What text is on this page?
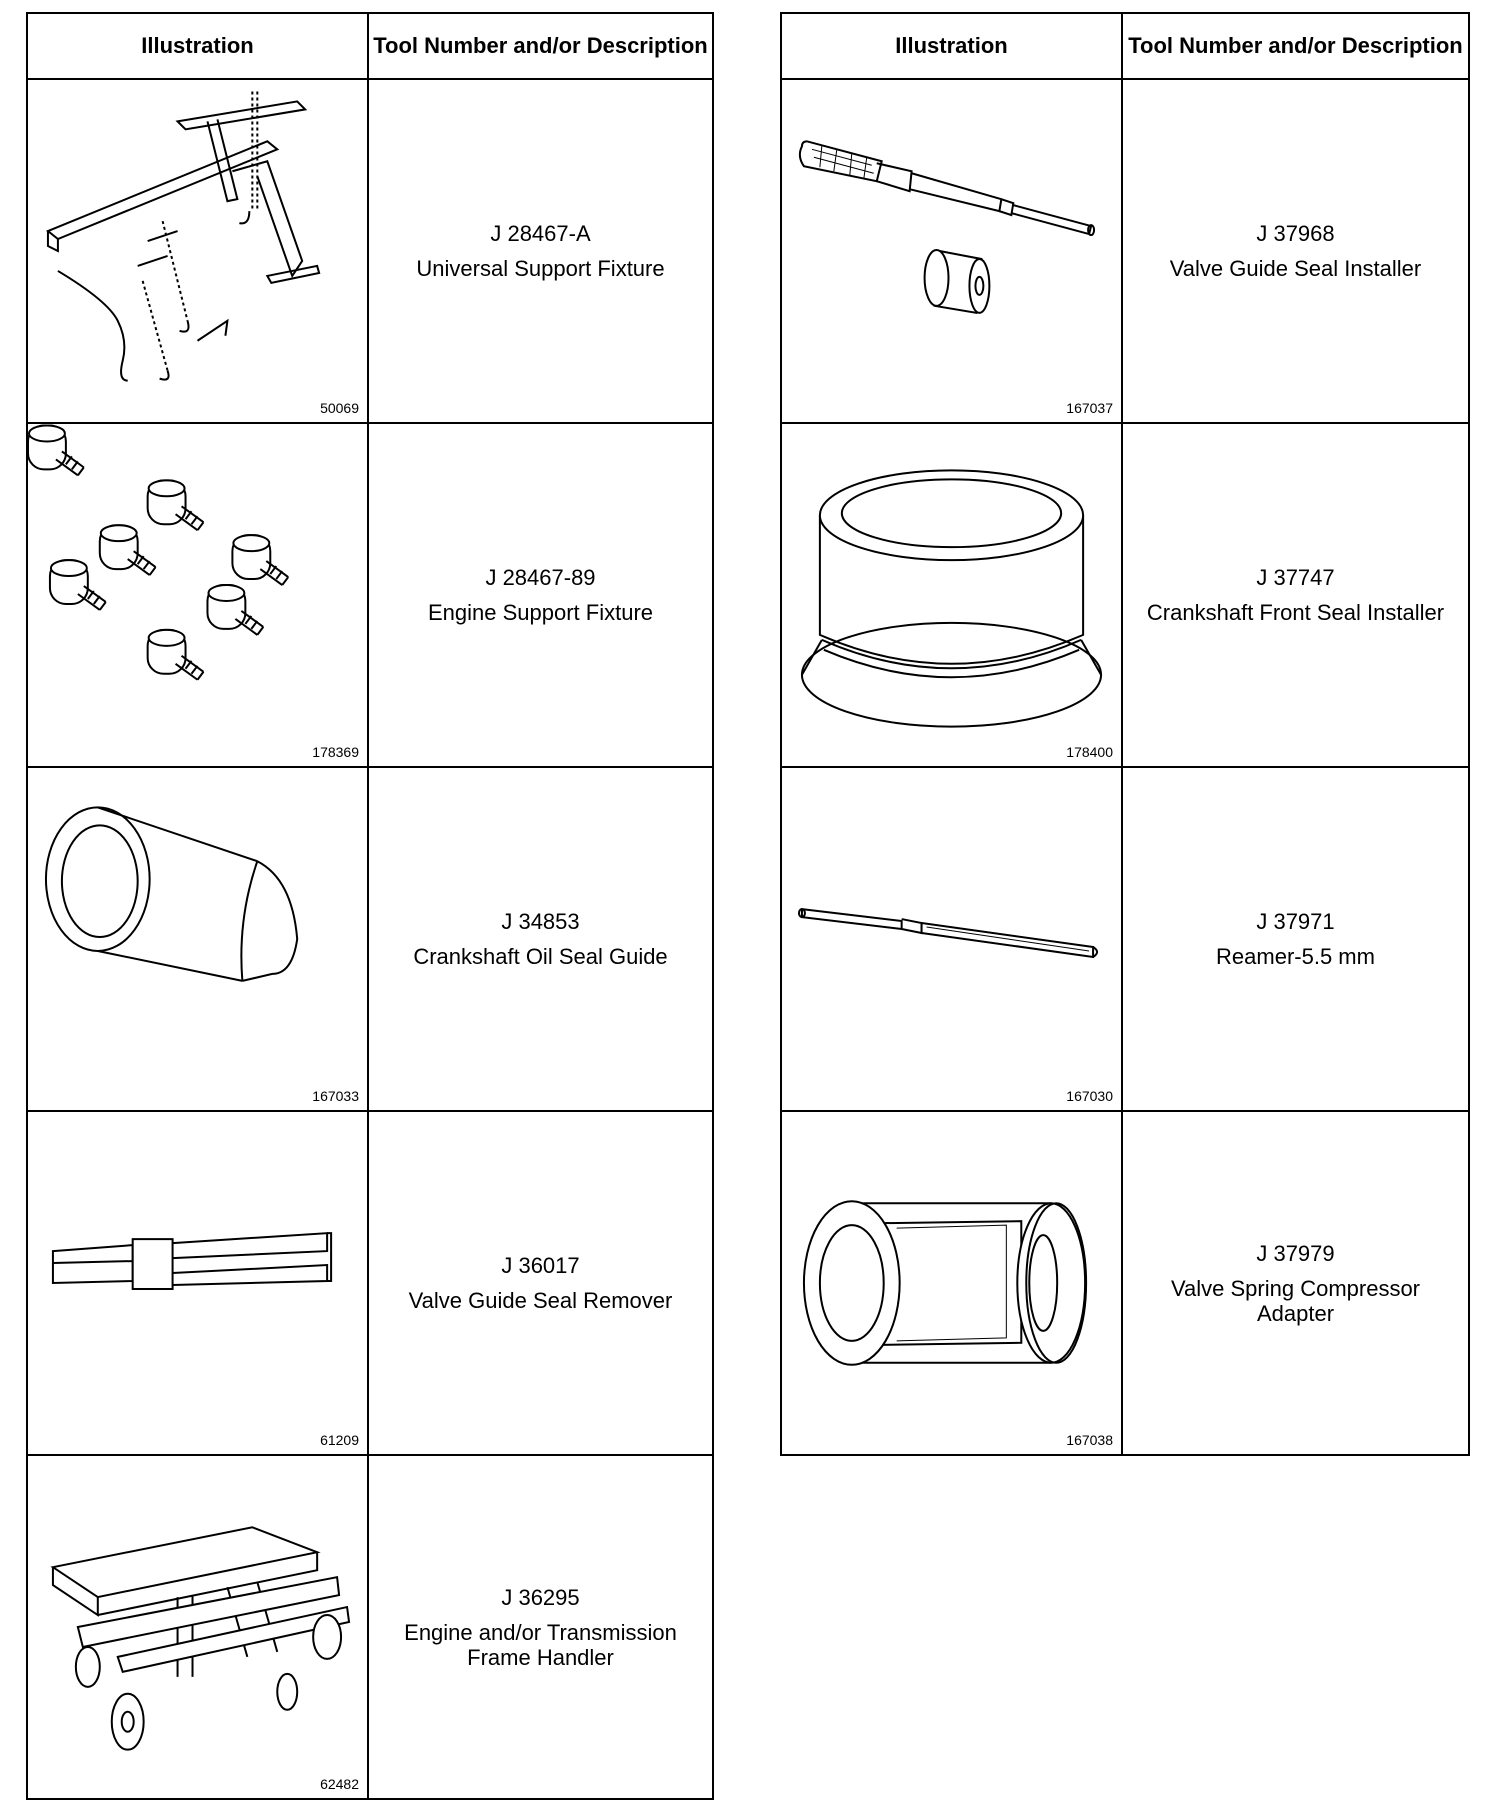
Illustration	Tool Number and/or Description

50069	J 28467-A
Universal Support Fixture

178369	J 28467-89
Engine Support Fixture

167033	J 34853
Crankshaft Oil Seal Guide

61209	J 36017
Valve Guide Seal Remover

62482	J 36295
Engine and/or Transmission Frame Handler
Illustration	Tool Number and/or Description

167037	J 37968
Valve Guide Seal Installer

178400	J 37747
Crankshaft Front Seal Installer

167030	J 37971
Reamer-5.5 mm

167038	J 37979
Valve Spring Compressor Adapter
